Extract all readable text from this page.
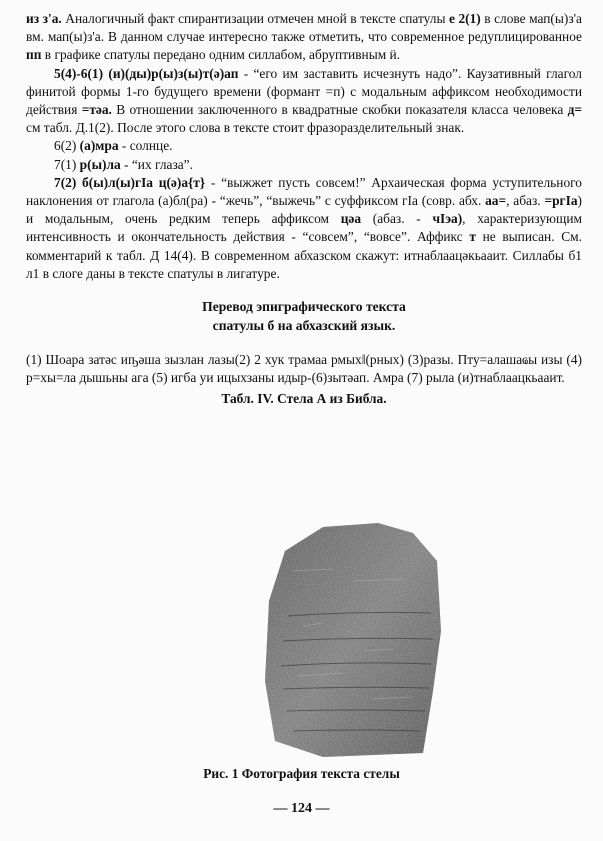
из з'а. Аналогичный факт спирантизации отмечен мной в тексте спатулы е 2(1) в слове мап(ы)з'а вм. мап(ы)з'а. В данном случае интересно также отметить, что современное редуплицированное пп в графике спатулы передано одним силлабом, абруптивным ӥ.

5(4)-6(1) (и)(ды)р(ы)з(ы)т(ә)ап - “его им заставить исчезнуть надо”. Каузативный глагол финитой формы 1-го будущего времени (формант =п) с модальным аффиксом необходимости действия =тәа. В отношении заключенного в квадратные скобки показателя класса человека д= см табл. Д.1(2). После этого слова в тексте стоит фразоразделительный знак.

6(2) (а)мра - солнце.

7(1) р(ы)ла - “их глаза”.

7(2) б(ы)л(ы)гӀа ц(ә)а{т} - “выжжет пусть совсем!” Архаическая форма уступительного наклонения от глагола (а)бл(ра) - “жечь”, “выжечь” с суффиксом гӀа (совр. абх. аа=, абаз. =ргӀа) и модальным, очень редким теперь аффиксом цәа (абаз. - чӀэа), характеризующим интенсивность и окончательность действия - “совсем”, “вовсе”. Аффикс т не выписан. См. комментарий к табл. Д 14(4). В современном абхазском скажут: итнаблаацәкьааит. Силлабы б1 л1 в слоге даны в тексте спатулы в лигатуре.

Перевод эпиграфического текста
спатулы б на абхазский язык.

(1) Шоара затәс иҧәша зызлан лазы(2) 2 хук трамаа рмых‖(рных) (3)разы. Пту=алашаҩы изы (4) р=хы=ла дышьны ага (5) игба уи ицыхзаны идыр-(6)зытәап. Амра (7) рыла (и)тнаблаацкьааит.

Табл. IV. Стела А из Библа.
Рис. 1 Фотография текста стелы
— 124 —
